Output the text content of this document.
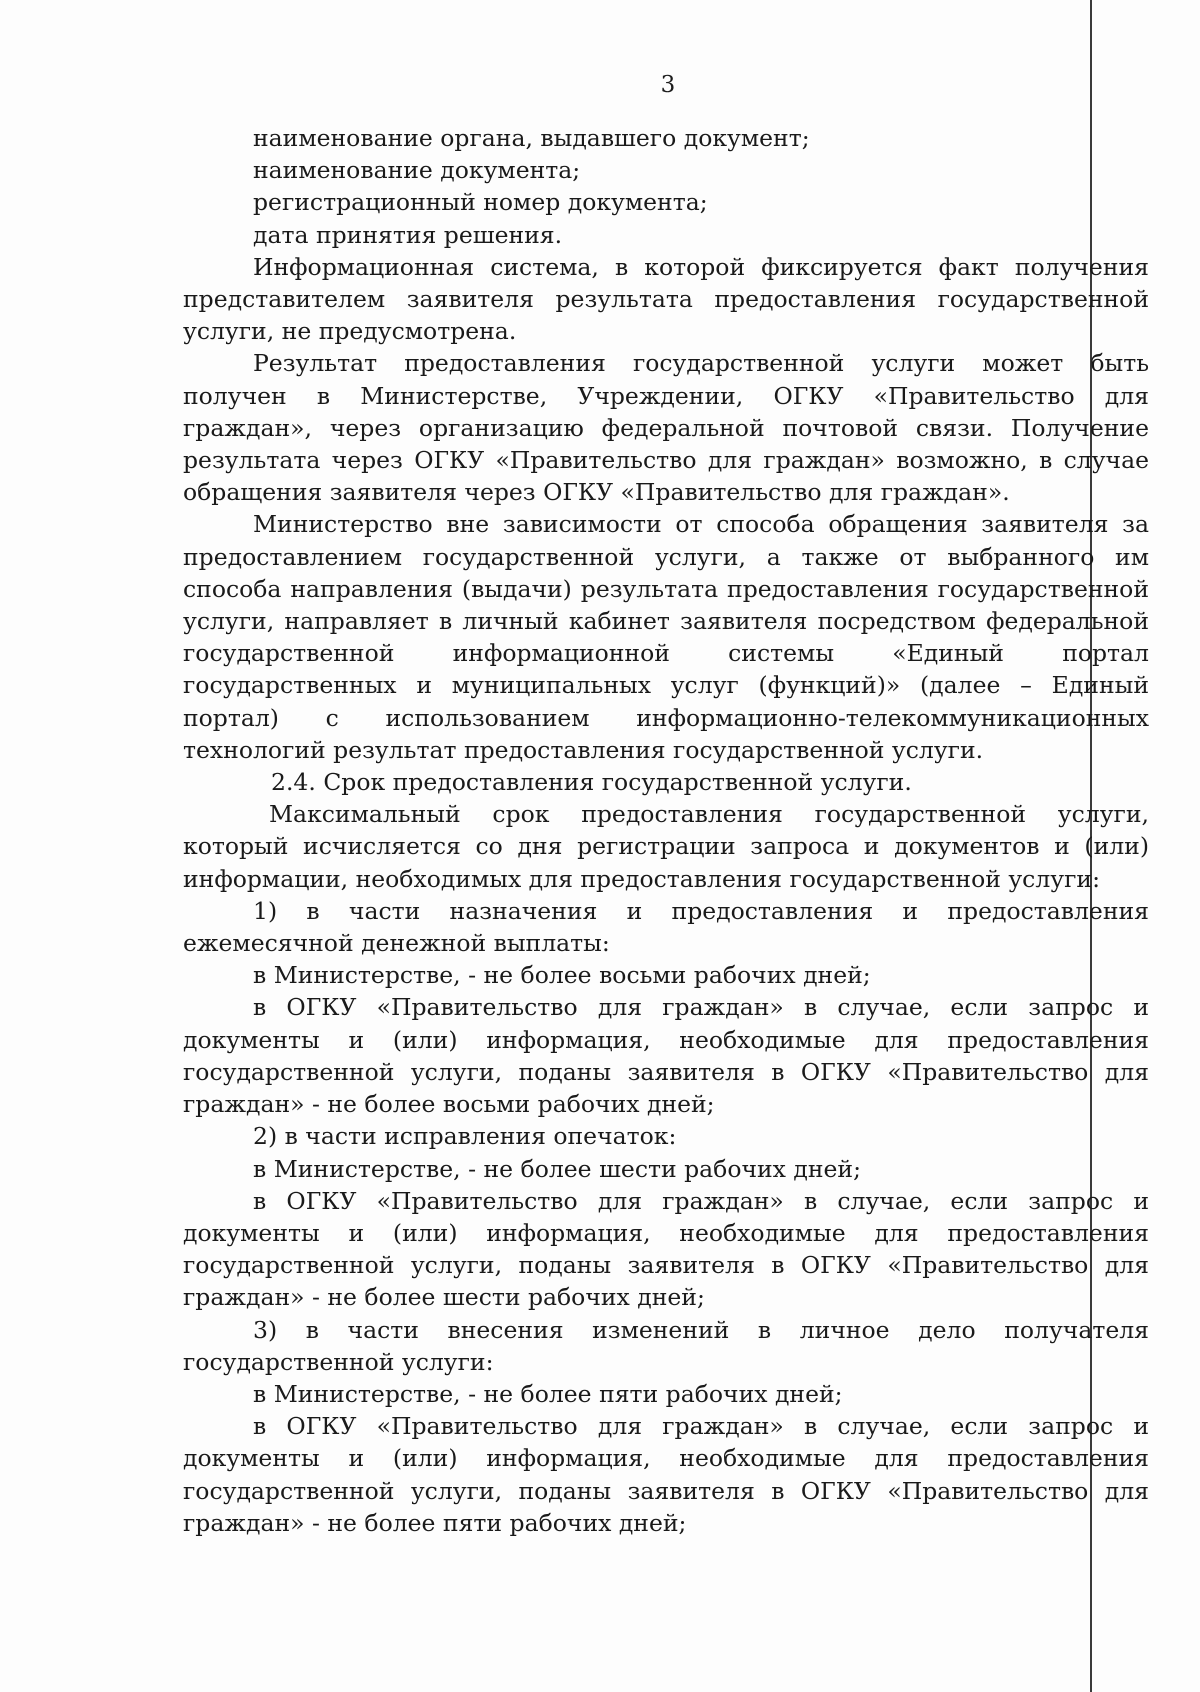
3

наименование органа, выдавшего документ;

наименование документа;

регистрационный номер документа;

дата принятия решения.

Информационная система, в которой фиксируется факт получения представителем заявителя результата предоставления государственной услуги, не предусмотрена.

Результат предоставления государственной услуги может быть получен в Министерстве, Учреждении, ОГКУ «Правительство для граждан», через организацию федеральной почтовой связи. Получение результата через ОГКУ «Правительство для граждан» возможно, в случае обращения заявителя через ОГКУ «Правительство для граждан».

Министерство вне зависимости от способа обращения заявителя за предоставлением государственной услуги, а также от выбранного им способа направления (выдачи) результата предоставления государственной услуги, направляет в личный кабинет заявителя посредством федеральной государственной информационной системы «Единый портал государственных и муниципальных услуг (функций)» (далее – Единый портал) с использованием информационно-телекоммуникационных технологий результат предоставления государственной услуги.

2.4. Срок предоставления государственной услуги.

Максимальный срок предоставления государственной услуги, который исчисляется со дня регистрации запроса и документов и (или) информации, необходимых для предоставления государственной услуги:

1) в части назначения и предоставления и предоставления ежемесячной денежной выплаты:

в Министерстве, - не более восьми рабочих дней;

в ОГКУ «Правительство для граждан» в случае, если запрос и документы и (или) информация, необходимые для предоставления государственной услуги, поданы заявителя в ОГКУ «Правительство для граждан» - не более восьми рабочих дней;

2) в части исправления опечаток:

в Министерстве, - не более шести рабочих дней;

в ОГКУ «Правительство для граждан» в случае, если запрос и документы и (или) информация, необходимые для предоставления государственной услуги, поданы заявителя в ОГКУ «Правительство для граждан» - не более шести рабочих дней;

3) в части внесения изменений в личное дело получателя государственной услуги:

в Министерстве, - не более пяти рабочих дней;

в ОГКУ «Правительство для граждан» в случае, если запрос и документы и (или) информация, необходимые для предоставления государственной услуги, поданы заявителя в ОГКУ «Правительство для граждан» - не более пяти рабочих дней;
